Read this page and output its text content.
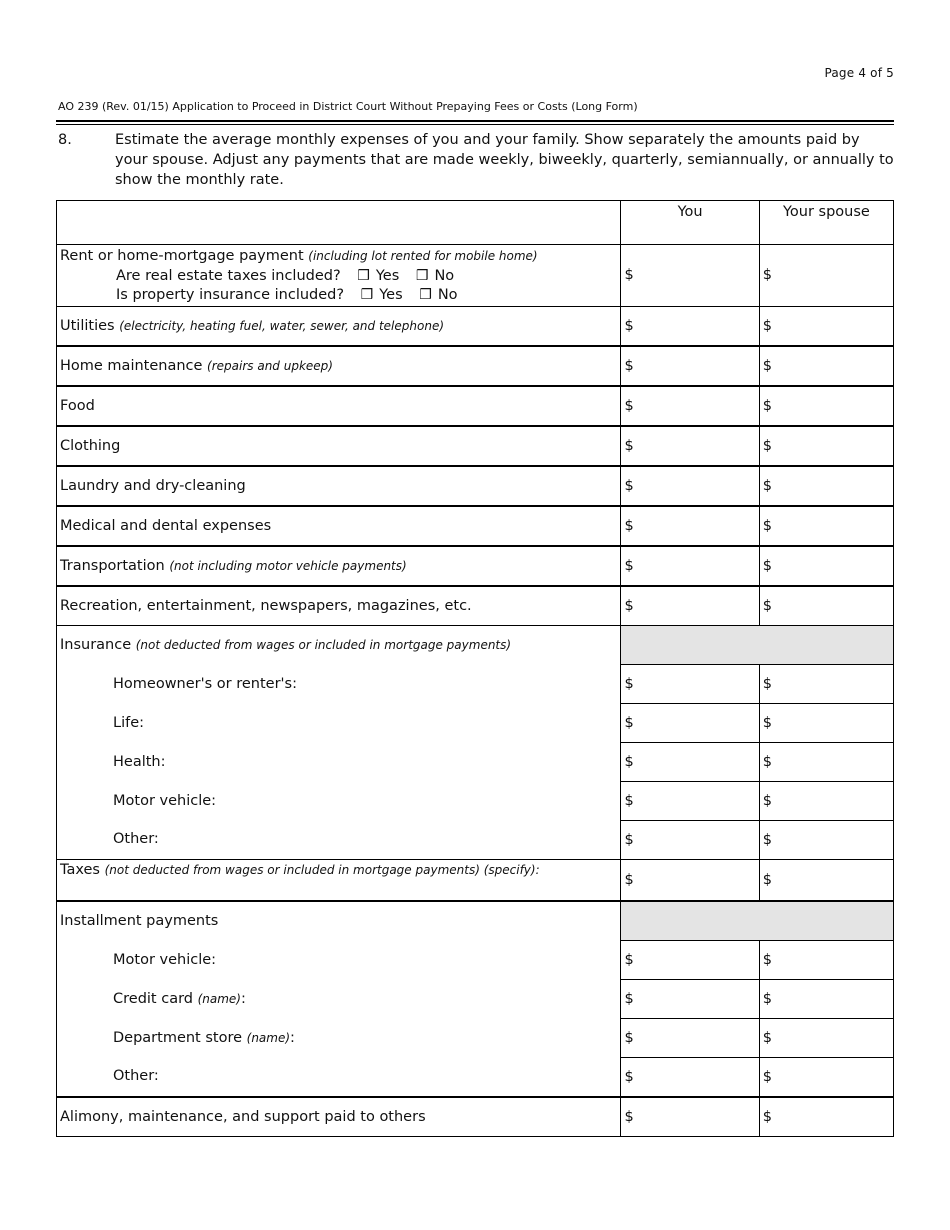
Page 4 of 5
AO 239 (Rev. 01/15) Application to Proceed in District Court Without Prepaying Fees or Costs (Long Form)
8.	Estimate the average monthly expenses of you and your family. Show separately the amounts paid by your spouse. Adjust any payments that are made weekly, biweekly, quarterly, semiannually, or annually to show the monthly rate.
	You	Your spouse

Rent or home-mortgage payment (including lot rented for mobile home)
Are real estate taxes included? ❒ Yes ❒ No
Is property insurance included? ❒ Yes ❒ No	$	$
Utilities (electricity, heating fuel, water, sewer, and telephone)	$	$
Home maintenance (repairs and upkeep)	$	$
Food	$	$
Clothing	$	$
Laundry and dry-cleaning	$	$
Medical and dental expenses	$	$
Transportation (not including motor vehicle payments)	$	$
Recreation, entertainment, newspapers, magazines, etc.	$	$
Insurance (not deducted from wages or included in mortgage payments)		
Homeowner's or renter's:	$	$
Life:	$	$
Health:	$	$
Motor vehicle:	$	$
Other:	$	$
Taxes (not deducted from wages or included in mortgage payments) (specify):	$	$
Installment payments		
Motor vehicle:	$	$
Credit card (name):	$	$
Department store (name):	$	$
Other:	$	$
Alimony, maintenance, and support paid to others	$	$
